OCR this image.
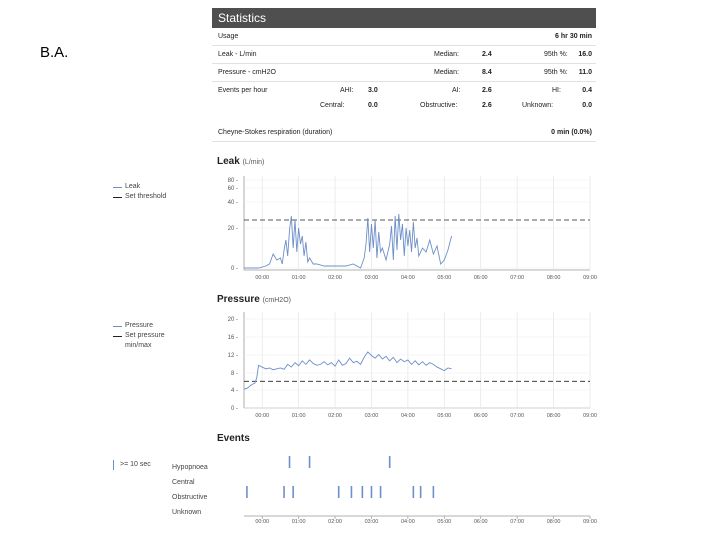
B.A.
Statistics
Usage	6 hr 30 min
Leak - L/min	Median:	2.4	95th %: 16.0
Pressure - cmH2O	Median:	8.4	95th %: 11.0
Events per hour	AHI: 3.0	AI:	2.6	HI:	0.4
Central:	0.0	Obstructive:	2.6	Unknown:	0.0
Cheyne-Stokes respiration (duration)	0 min (0.0%)
Leak (L/min)
Leak
Set threshold
00:00	01:00	02:00	03:00	04:00	05:00	06:00	07:00	08:00	09:00
80 -
60 -
40 -
20 -
0 -
00:00	01:00	02:00	03:00	04:00	05:00	06:00	07:00	08:00	09:00
20 -
16 -
12 -
8 -
4 -
0 -
00:00	01:00	02:00	03:00	04:00	05:00	06:00	07:00	08:00	09:00
Pressure (cmH2O)
Pressure
Set pressure
min/max
Events
>= 10 sec	Hypopnoea
Central
Obstructive
Unknown
